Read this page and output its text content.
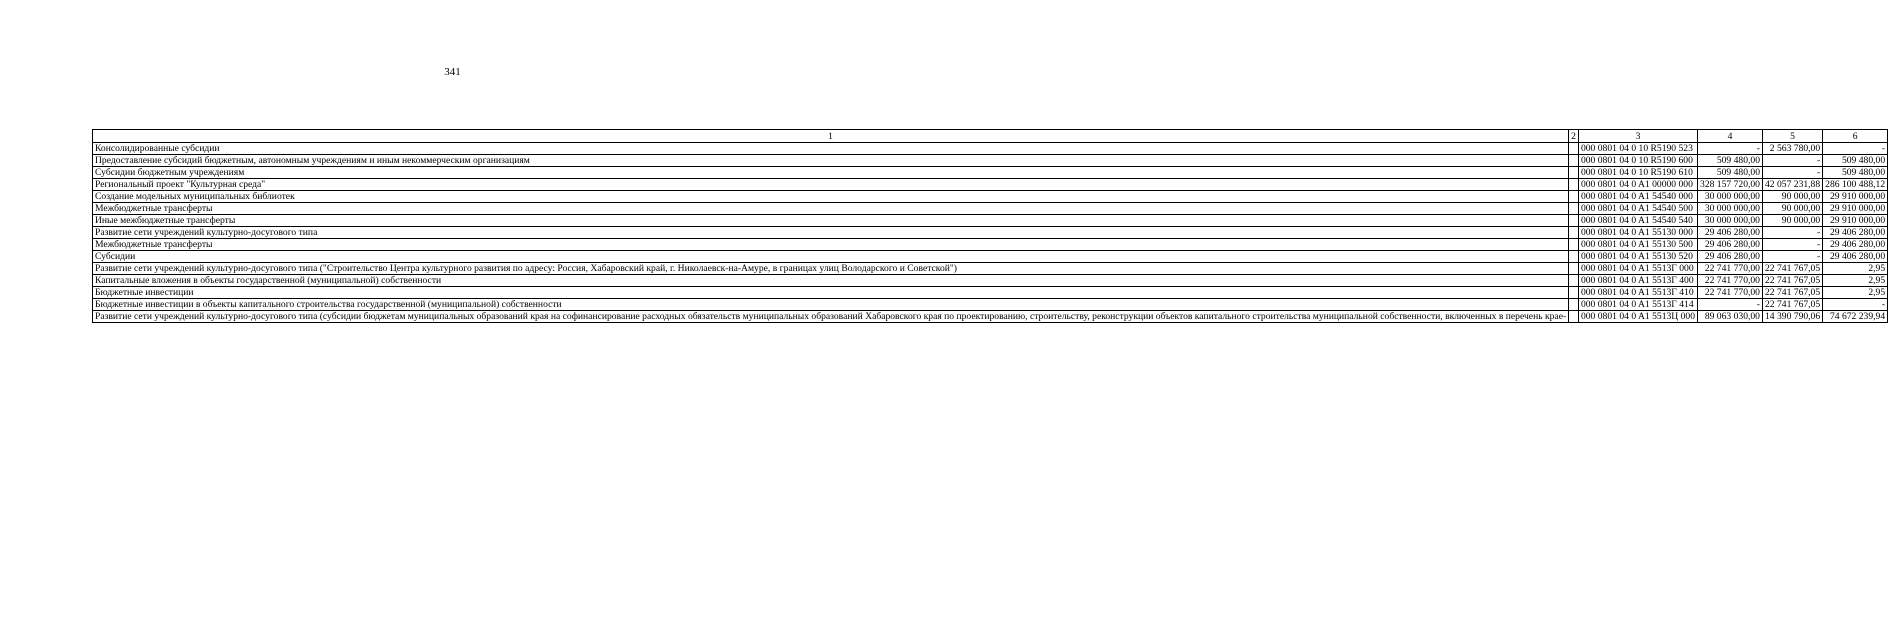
341
1	2	3	4	5	6
Консолидированные субсидии		000 0801 04 0 10 R5190 523	-	2 563 780,00	-
Предоставление субсидий бюджетным, автономным учреждениям и иным некоммерческим организациям		000 0801 04 0 10 R5190 600	509 480,00	-	509 480,00
Субсидии бюджетным учреждениям		000 0801 04 0 10 R5190 610	509 480,00	-	509 480,00
Региональный проект "Культурная среда"		000 0801 04 0 A1 00000 000	328 157 720,00	42 057 231,88	286 100 488,12
Создание модельных муниципальных библиотек		000 0801 04 0 A1 54540 000	30 000 000,00	90 000,00	29 910 000,00
Межбюджетные трансферты		000 0801 04 0 A1 54540 500	30 000 000,00	90 000,00	29 910 000,00
Иные межбюджетные трансферты		000 0801 04 0 A1 54540 540	30 000 000,00	90 000,00	29 910 000,00
Развитие сети учреждений культурно-досугового типа		000 0801 04 0 A1 55130 000	29 406 280,00	-	29 406 280,00
Межбюджетные трансферты		000 0801 04 0 A1 55130 500	29 406 280,00	-	29 406 280,00
Субсидии		000 0801 04 0 A1 55130 520	29 406 280,00	-	29 406 280,00
Развитие сети учреждений культурно-досугового типа ("Строительство Центра культурного развития по адресу: Россия, Хабаровский край, г. Николаевск-на-Амуре, в границах улиц Володарского и Советской")		000 0801 04 0 A1 5513Г 000	22 741 770,00	22 741 767,05	2,95
Капитальные вложения в объекты государственной (муниципальной) собственности		000 0801 04 0 A1 5513Г 400	22 741 770,00	22 741 767,05	2,95
Бюджетные инвестиции		000 0801 04 0 A1 5513Г 410	22 741 770,00	22 741 767,05	2,95
Бюджетные инвестиции в объекты капитального строительства государственной (муниципальной) собственности		000 0801 04 0 A1 5513Г 414	-	22 741 767,05	-
Развитие сети учреждений культурно-досугового типа (субсидии бюджетам муниципальных образований края на софинансирование расходных обязательств муниципальных образований Хабаровского края по проектированию, строительству, реконструкции объектов капитального строительства муниципальной собственности, включенных в перечень крае-		000 0801 04 0 A1 5513Ц 000	89 063 030,00	14 390 790,06	74 672 239,94
